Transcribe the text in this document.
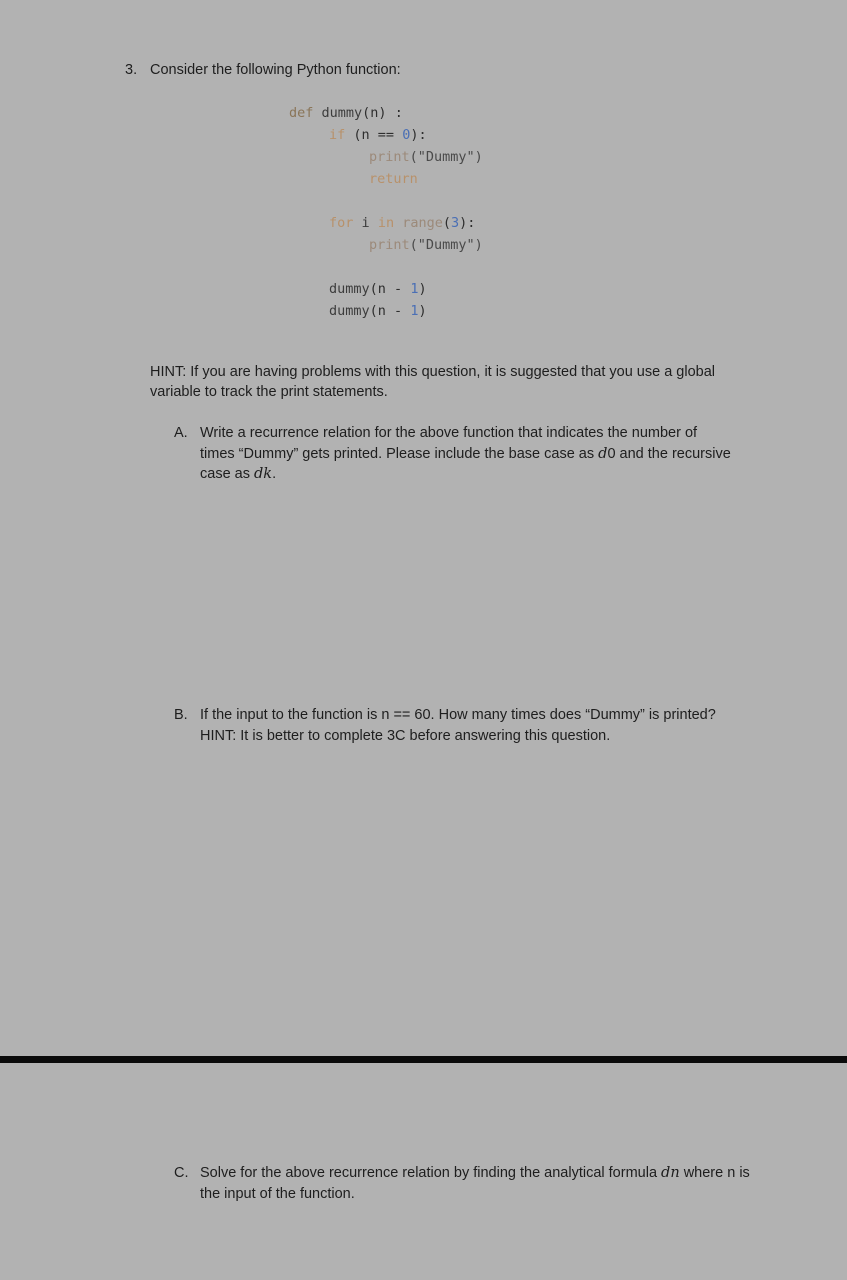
3. Consider the following Python function:
def dummy(n) :
if (n == 0):
print("Dummy")
return

for i in range(3):
print("Dummy")

dummy(n - 1)
dummy(n - 1)
HINT: If you are having problems with this question, it is suggested that you use a global variable to track the print statements.
A. Write a recurrence relation for the above function that indicates the number of times “Dummy” gets printed. Please include the base case as d0 and the recursive case as dk.
B. If the input to the function is n == 60. How many times does “Dummy” is printed?
HINT: It is better to complete 3C before answering this question.
C. Solve for the above recurrence relation by finding the analytical formula dn where n is the input of the function.
